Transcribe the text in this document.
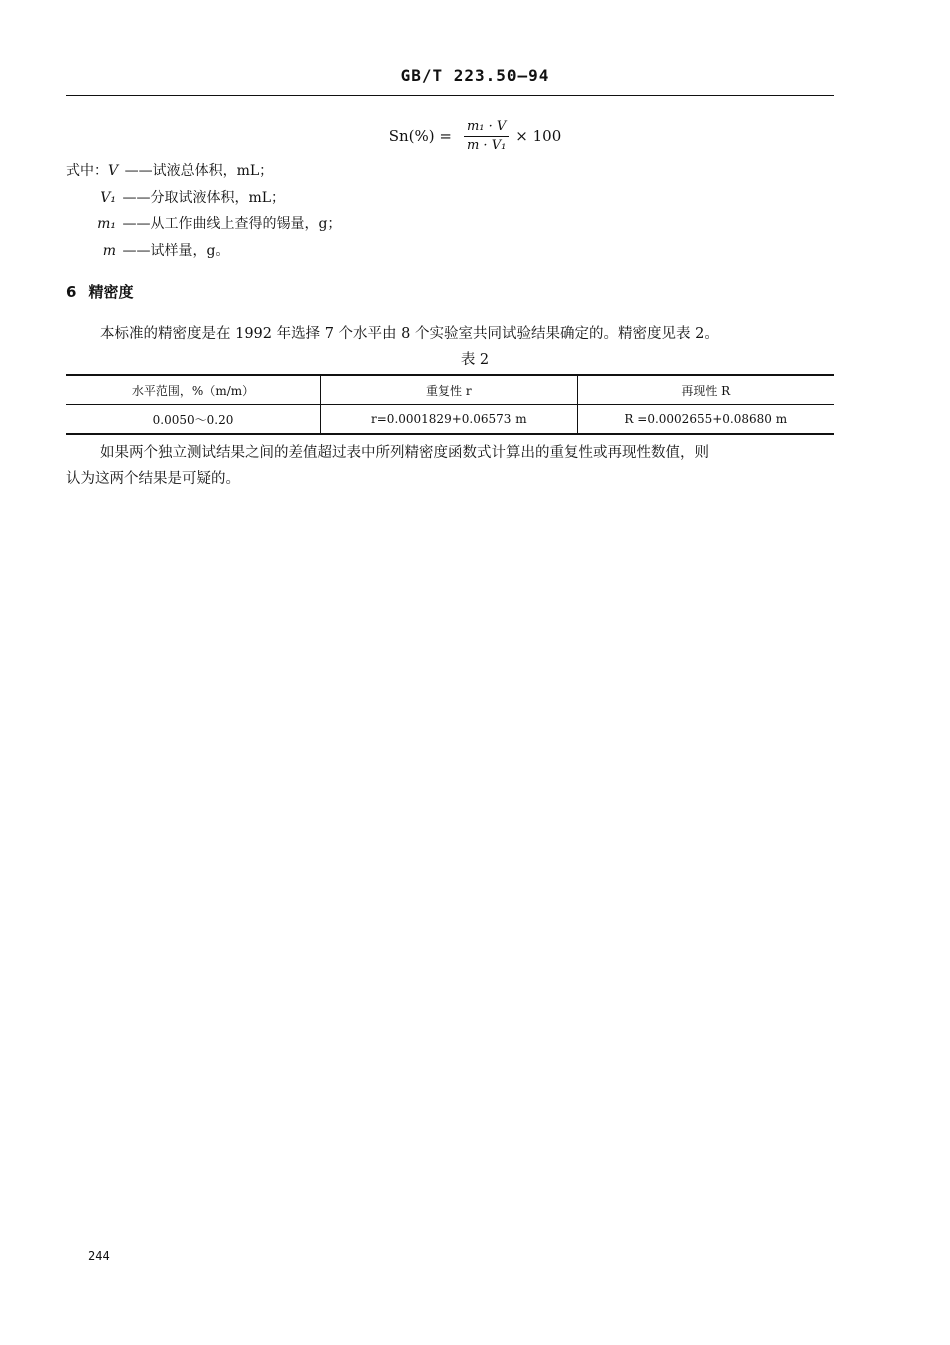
GB/T 223.50—94
$Sn(\%) = \frac{\text{m₁ · V}}{\text{m · V₁}} \times 100$
式中：V ——试液总体积，mL；
V₁ ——分取试液体积，mL；
m₁ ——从工作曲线上查得的锡量，g；
m ——试样量，g。
6 精密度
本标准的精密度是在 1992 年选择 7 个水平由 8 个实验室共同试验结果确定的。精密度见表 2。
表 2
水平范围，%（m/m）	重复性 r	再现性 R
0.0050～0.20	r=0.0001829+0.06573 m	R =0.0002655+0.08680 m
如果两个独立测试结果之间的差值超过表中所列精密度函数式计算出的重复性或再现性数值，则
认为这两个结果是可疑的。
244
